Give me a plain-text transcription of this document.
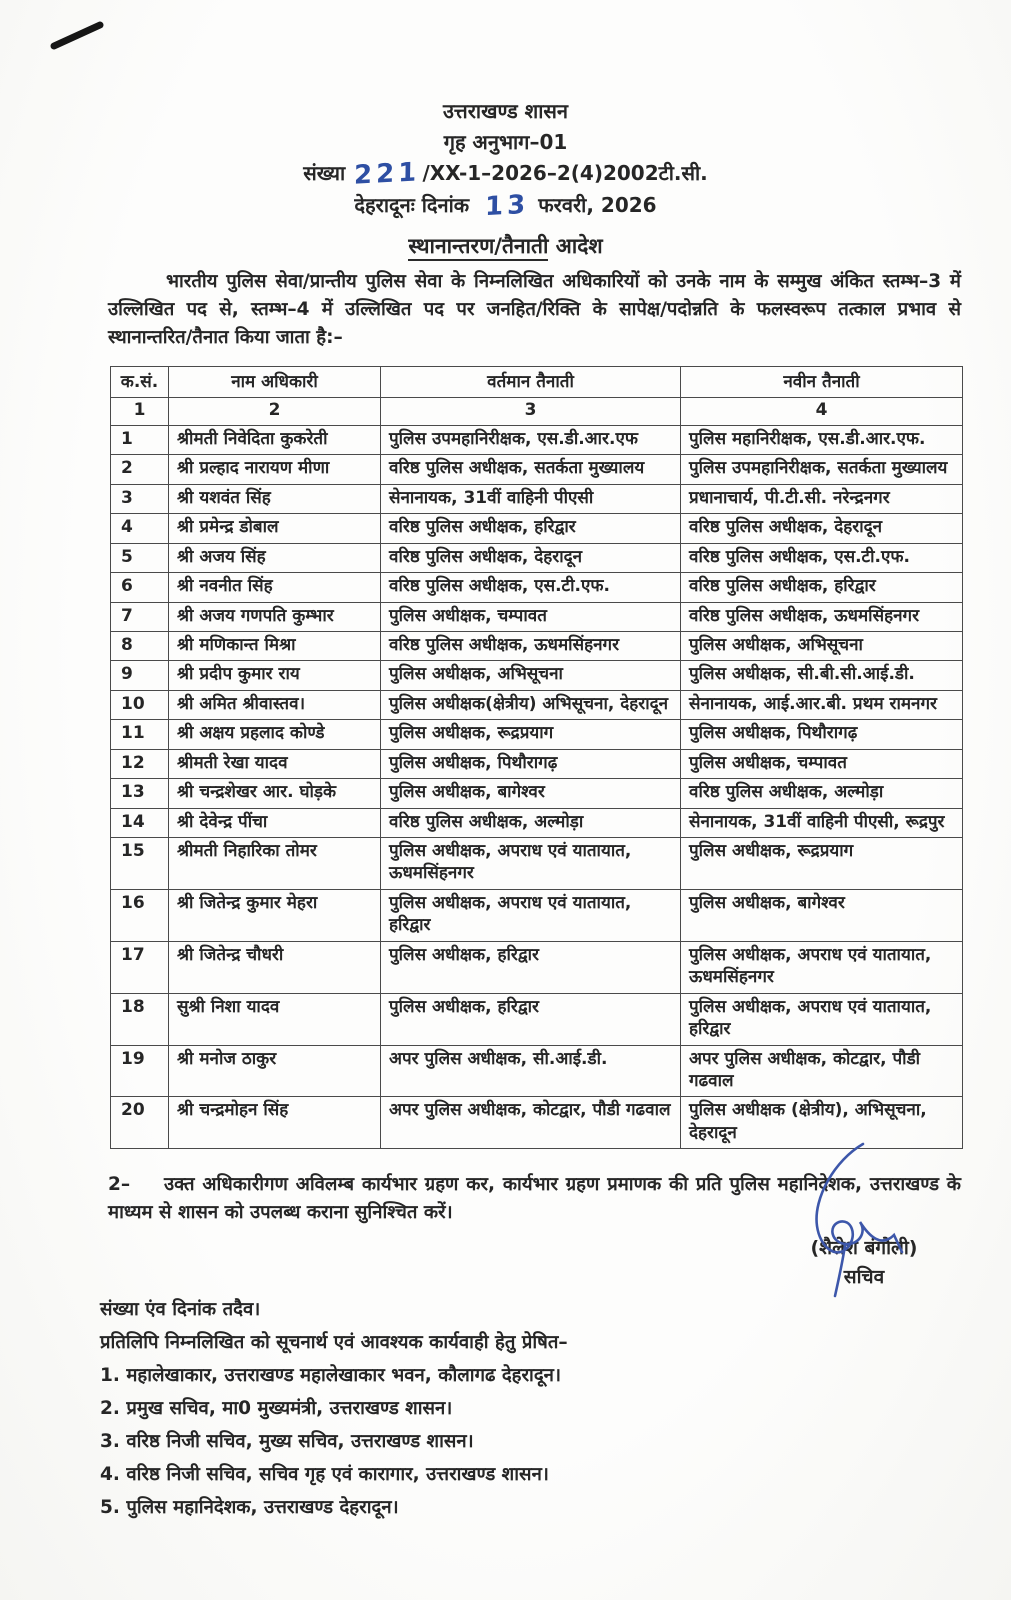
उत्तराखण्ड शासन
गृह अनुभाग–01
संख्या 221/XX-1–2026–2(4)2002टी.सी.
देहरादूनः दिनांक 13 फरवरी, 2026
स्थानान्तरण/तैनाती आदेश

भारतीय पुलिस सेवा/प्रान्तीय पुलिस सेवा के निम्नलिखित अधिकारियों को उनके नाम के सम्मुख अंकित स्तम्भ–3 में उल्लिखित पद से, स्तम्भ–4 में उल्लिखित पद पर जनहित/रिक्ति के सापेक्ष/पदोन्नति के फलस्वरूप तत्काल प्रभाव से स्थानान्तरित/तैनात किया जाता है:–

क.सं.	नाम अधिकारी	वर्तमान तैनाती	नवीन तैनाती
1	2	3	4
1	श्रीमती निवेदिता कुकरेती	पुलिस उपमहानिरीक्षक, एस.डी.आर.एफ	पुलिस महानिरीक्षक, एस.डी.आर.एफ.
2	श्री प्रल्हाद नारायण मीणा	वरिष्ठ पुलिस अधीक्षक, सतर्कता मुख्यालय	पुलिस उपमहानिरीक्षक, सतर्कता मुख्यालय
3	श्री यशवंत सिंह	सेनानायक, 31वीं वाहिनी पीएसी	प्रधानाचार्य, पी.टी.सी. नरेन्द्रनगर
4	श्री प्रमेन्द्र डोबाल	वरिष्ठ पुलिस अधीक्षक, हरिद्वार	वरिष्ठ पुलिस अधीक्षक, देहरादून
5	श्री अजय सिंह	वरिष्ठ पुलिस अधीक्षक, देहरादून	वरिष्ठ पुलिस अधीक्षक, एस.टी.एफ.
6	श्री नवनीत सिंह	वरिष्ठ पुलिस अधीक्षक, एस.टी.एफ.	वरिष्ठ पुलिस अधीक्षक, हरिद्वार
7	श्री अजय गणपति कुम्भार	पुलिस अधीक्षक, चम्पावत	वरिष्ठ पुलिस अधीक्षक, ऊधमसिंहनगर
8	श्री मणिकान्त मिश्रा	वरिष्ठ पुलिस अधीक्षक, ऊधमसिंहनगर	पुलिस अधीक्षक, अभिसूचना
9	श्री प्रदीप कुमार राय	पुलिस अधीक्षक, अभिसूचना	पुलिस अधीक्षक, सी.बी.सी.आई.डी.
10	श्री अमित श्रीवास्तव।	पुलिस अधीक्षक(क्षेत्रीय) अभिसूचना, देहरादून	सेनानायक, आई.आर.बी. प्रथम रामनगर
11	श्री अक्षय प्रहलाद कोण्डे	पुलिस अधीक्षक, रूद्रप्रयाग	पुलिस अधीक्षक, पिथौरागढ़
12	श्रीमती रेखा यादव	पुलिस अधीक्षक, पिथौरागढ़	पुलिस अधीक्षक, चम्पावत
13	श्री चन्द्रशेखर आर. घोड़के	पुलिस अधीक्षक, बागेश्वर	वरिष्ठ पुलिस अधीक्षक, अल्मोड़ा
14	श्री देवेन्द्र पींचा	वरिष्ठ पुलिस अधीक्षक, अल्मोड़ा	सेनानायक, 31वीं वाहिनी पीएसी, रूद्रपुर
15	श्रीमती निहारिका तोमर	पुलिस अधीक्षक, अपराध एवं यातायात, ऊधमसिंहनगर	पुलिस अधीक्षक, रूद्रप्रयाग
16	श्री जितेन्द्र कुमार मेहरा	पुलिस अधीक्षक, अपराध एवं यातायात, हरिद्वार	पुलिस अधीक्षक, बागेश्वर
17	श्री जितेन्द्र चौधरी	पुलिस अधीक्षक, हरिद्वार	पुलिस अधीक्षक, अपराध एवं यातायात, ऊधमसिंहनगर
18	सुश्री निशा यादव	पुलिस अधीक्षक, हरिद्वार	पुलिस अधीक्षक, अपराध एवं यातायात, हरिद्वार
19	श्री मनोज ठाकुर	अपर पुलिस अधीक्षक, सी.आई.डी.	अपर पुलिस अधीक्षक, कोटद्वार, पौडी गढवाल
20	श्री चन्द्रमोहन सिंह	अपर पुलिस अधीक्षक, कोटद्वार, पौडी गढवाल	पुलिस अधीक्षक (क्षेत्रीय), अभिसूचना, देहरादून

2– उक्त अधिकारीगण अविलम्ब कार्यभार ग्रहण कर, कार्यभार ग्रहण प्रमाणक की प्रति पुलिस महानिदेशक, उत्तराखण्ड के माध्यम से शासन को उपलब्ध कराना सुनिश्चित करें।

(शैलेश बंगौली)
सचिव
संख्या एंव दिनांक तदैव।
प्रतिलिपि निम्नलिखित को सूचनार्थ एवं आवश्यक कार्यवाही हेतु प्रेषित–
1. महालेखाकार, उत्तराखण्ड महालेखाकार भवन, कौलागढ देहरादून।
2. प्रमुख सचिव, मा0 मुख्यमंत्री, उत्तराखण्ड शासन।
3. वरिष्ठ निजी सचिव, मुख्य सचिव, उत्तराखण्ड शासन।
4. वरिष्ठ निजी सचिव, सचिव गृह एवं कारागार, उत्तराखण्ड शासन।
5. पुलिस महानिदेशक, उत्तराखण्ड देहरादून।
